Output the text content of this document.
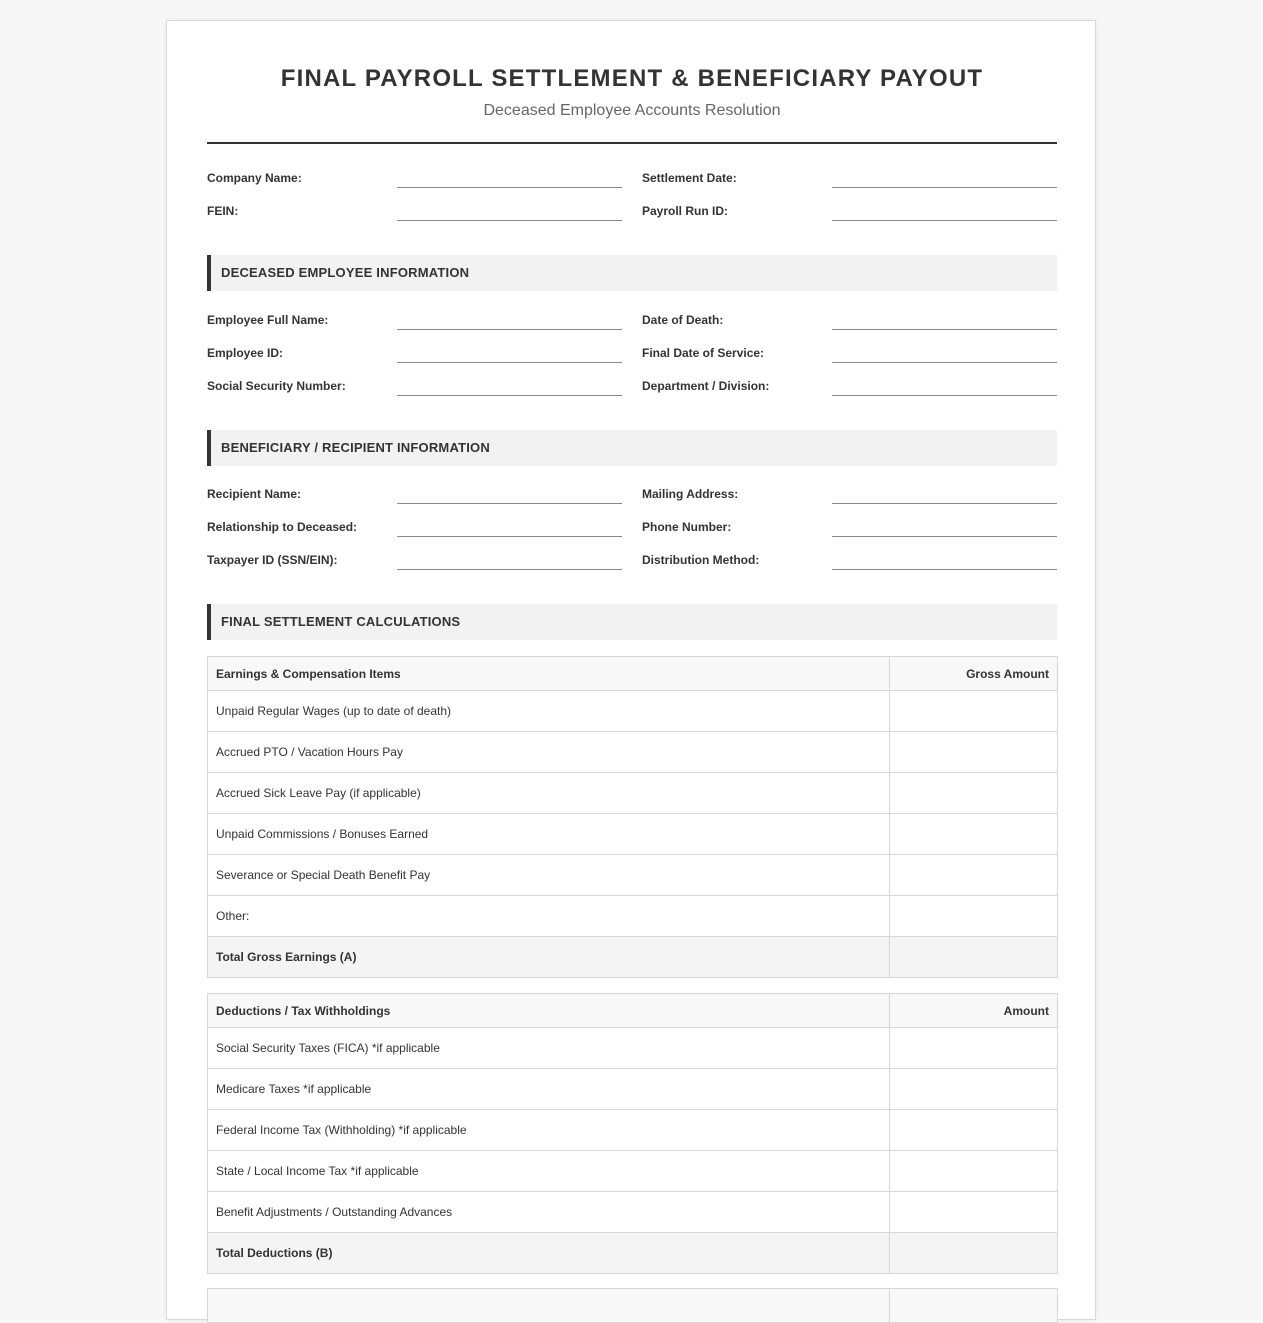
FINAL PAYROLL SETTLEMENT & BENEFICIARY PAYOUT

Deceased Employee Accounts Resolution

Company Name:	Settlement Date:
FEIN:	Payroll Run ID:
DECEASED EMPLOYEE INFORMATION
Employee Full Name:	Date of Death:
Employee ID:	Final Date of Service:
Social Security Number:	Department / Division:
BENEFICIARY / RECIPIENT INFORMATION
Recipient Name:	Mailing Address:
Relationship to Deceased:	Phone Number:
Taxpayer ID (SSN/EIN):	Distribution Method:
FINAL SETTLEMENT CALCULATIONS
Earnings & Compensation Items	Gross Amount
Unpaid Regular Wages (up to date of death)	
Accrued PTO / Vacation Hours Pay	
Accrued Sick Leave Pay (if applicable)	
Unpaid Commissions / Bonuses Earned	
Severance or Special Death Benefit Pay	
Other:	
Total Gross Earnings (A)	
Deductions / Tax Withholdings	Amount
Social Security Taxes (FICA) *if applicable	
Medicare Taxes *if applicable	
Federal Income Tax (Withholding) *if applicable	
State / Local Income Tax *if applicable	
Benefit Adjustments / Outstanding Advances	
Total Deductions (B)	
